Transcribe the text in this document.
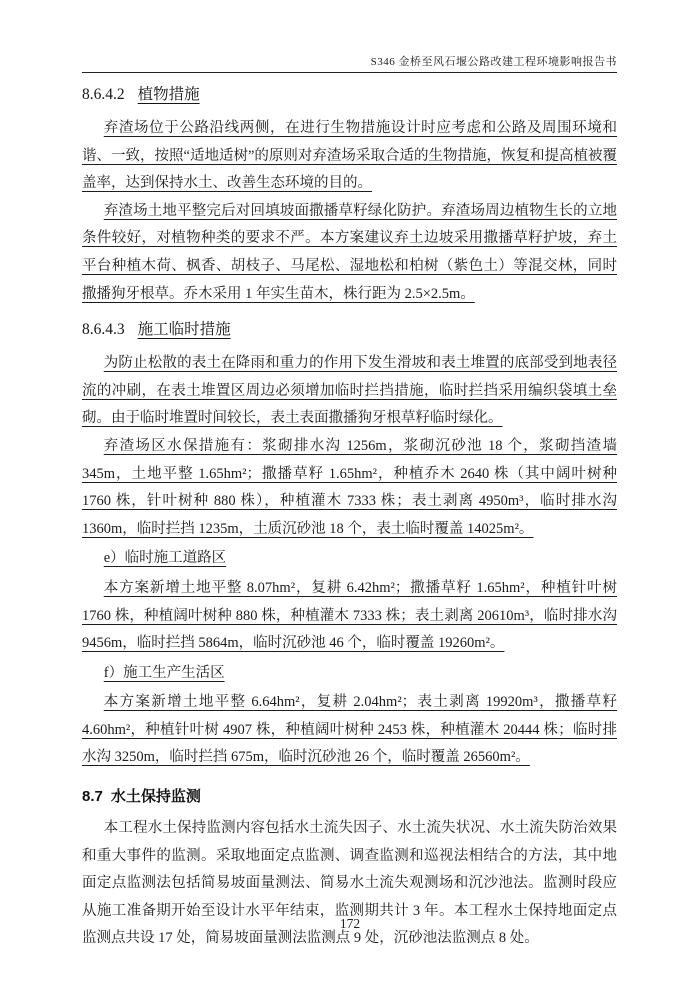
S346 金桥至风石堰公路改建工程环境影响报告书
8.6.4.2 植物措施

弃渣场位于公路沿线两侧，在进行生物措施设计时应考虑和公路及周围环境和谐、一致，按照“适地适树”的原则对弃渣场采取合适的生物措施，恢复和提高植被覆盖率，达到保持水土、改善生态环境的目的。

弃渣场土地平整完后对回填坡面撒播草籽绿化防护。弃渣场周边植物生长的立地条件较好，对植物种类的要求不严。本方案建议弃土边坡采用撒播草籽护坡，弃土平台种植木荷、枫香、胡枝子、马尾松、湿地松和柏树（紫色土）等混交林，同时撒播狗牙根草。乔木采用 1 年实生苗木，株行距为 2.5×2.5m。

8.6.4.3 施工临时措施

为防止松散的表土在降雨和重力的作用下发生滑坡和表土堆置的底部受到地表径流的冲刷，在表土堆置区周边必须增加临时拦挡措施，临时拦挡采用编织袋填土垒砌。由于临时堆置时间较长，表土表面撒播狗牙根草籽临时绿化。

弃渣场区水保措施有：浆砌排水沟 1256m，浆砌沉砂池 18 个，浆砌挡渣墙 345m，土地平整 1.65hm²；撒播草籽 1.65hm²，种植乔木 2640 株（其中阔叶树种 1760 株，针叶树种 880 株），种植灌木 7333 株；表土剥离 4950m³，临时排水沟 1360m，临时拦挡 1235m，土质沉砂池 18 个，表土临时覆盖 14025m²。

e）临时施工道路区

本方案新增土地平整 8.07hm²，复耕 6.42hm²；撒播草籽 1.65hm²，种植针叶树 1760 株，种植阔叶树种 880 株，种植灌木 7333 株；表土剥离 20610m³，临时排水沟 9456m，临时拦挡 5864m，临时沉砂池 46 个，临时覆盖 19260m²。

f）施工生产生活区

本方案新增土地平整 6.64hm²，复耕 2.04hm²；表土剥离 19920m³，撒播草籽 4.60hm²，种植针叶树 4907 株，种植阔叶树种 2453 株，种植灌木 20444 株；临时排水沟 3250m，临时拦挡 675m，临时沉砂池 26 个，临时覆盖 26560m²。

8.7 水土保持监测

本工程水土保持监测内容包括水土流失因子、水土流失状况、水土流失防治效果和重大事件的监测。采取地面定点监测、调查监测和巡视法相结合的方法，其中地面定点监测法包括简易坡面量测法、简易水土流失观测场和沉沙池法。监测时段应从施工准备期开始至设计水平年结束，监测期共计 3 年。本工程水土保持地面定点监测点共设 17 处，简易坡面量测法监测点 9 处，沉砂池法监测点 8 处。

172
